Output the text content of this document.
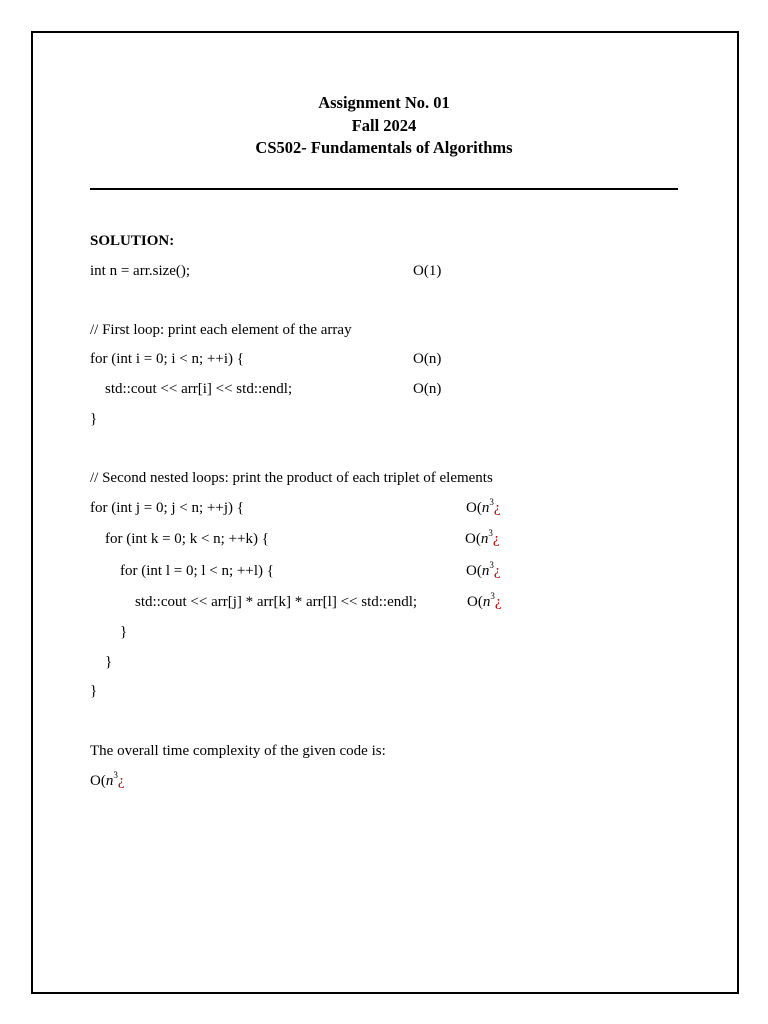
Assignment No. 01
Fall 2024
CS502- Fundamentals of Algorithms
SOLUTION:
int n = arr.size();	O(1)
// First loop: print each element of the array
for (int i = 0; i < n; ++i) {	O(n)
std::cout << arr[i] << std::endl;	O(n)
}
// Second nested loops: print the product of each triplet of elements
for (int j = 0; j < n; ++j) {	$O(n^3¿$
for (int k = 0; k < n; ++k) {	$O(n^3¿$
for (int l = 0; l < n; ++l) {	$O(n^3¿$
std::cout << arr[j] * arr[k] * arr[l] << std::endl;	$O(n^3¿$
}
}
}
The overall time complexity of the given code is:
$O(n^3¿$
